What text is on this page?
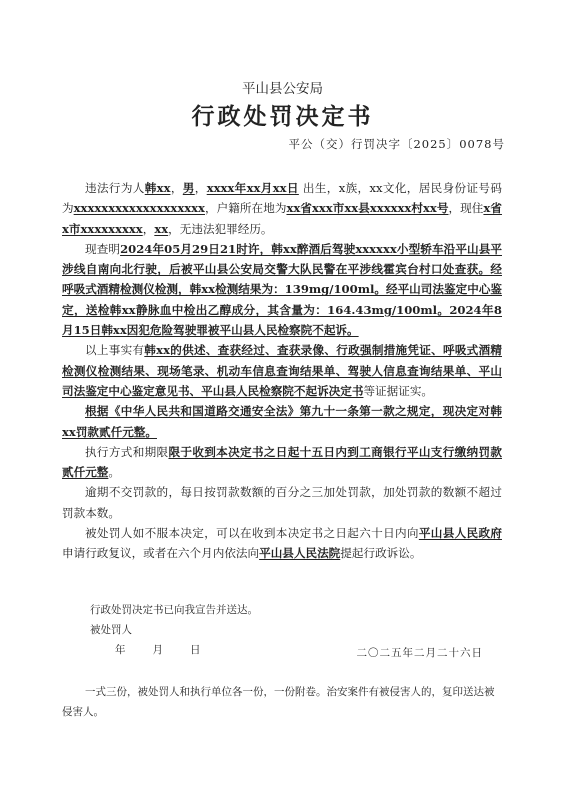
平山县公安局
行政处罚决定书
平公（交）行罚决字〔2025〕0078号

违法行为人韩xx，男，xxxx年xx月xx日 出生，x族，xx文化，居民身份证号码为xxxxxxxxxxxxxxxxxxx，户籍所在地为xx省xxx市xx县xxxxxx村xx号，现住x省x市xxxxxxxxx，xx，无违法犯罪经历。

现查明2024年05月29日21时许，韩xx醉酒后驾驶xxxxxx小型轿车沿平山县平涉线自南向北行驶，后被平山县公安局交警大队民警在平涉线霍宾台村口处查获。经呼吸式酒精检测仪检测，韩xx检测结果为：139mg/100ml。经平山司法鉴定中心鉴定，送检韩xx静脉血中检出乙醇成分，其含量为：164.43mg/100ml。2024年8月15日韩xx因犯危险驾驶罪被平山县人民检察院不起诉。

以上事实有韩xx的供述、查获经过、查获录像、行政强制措施凭证、呼吸式酒精检测仪检测结果、现场笔录、机动车信息查询结果单、驾驶人信息查询结果单、平山司法鉴定中心鉴定意见书、平山县人民检察院不起诉决定书等证据证实。

根据《中华人民共和国道路交通安全法》第九十一条第一款之规定，现决定对韩xx罚款贰仟元整。

执行方式和期限限于收到本决定书之日起十五日内到工商银行平山支行缴纳罚款贰仟元整。

逾期不交罚款的，每日按罚款数额的百分之三加处罚款，加处罚款的数额不超过罚款本数。

被处罚人如不服本决定，可以在收到本决定书之日起六十日内向平山县人民政府 申请行政复议，或者在六个月内依法向平山县人民法院提起行政诉讼。

行政处罚决定书已向我宣告并送达。
被处罚人
年	月	日	二〇二五年二月二十六日

一式三份，被处罚人和执行单位各一份，一份附卷。治安案件有被侵害人的，复印送达被侵害人。
